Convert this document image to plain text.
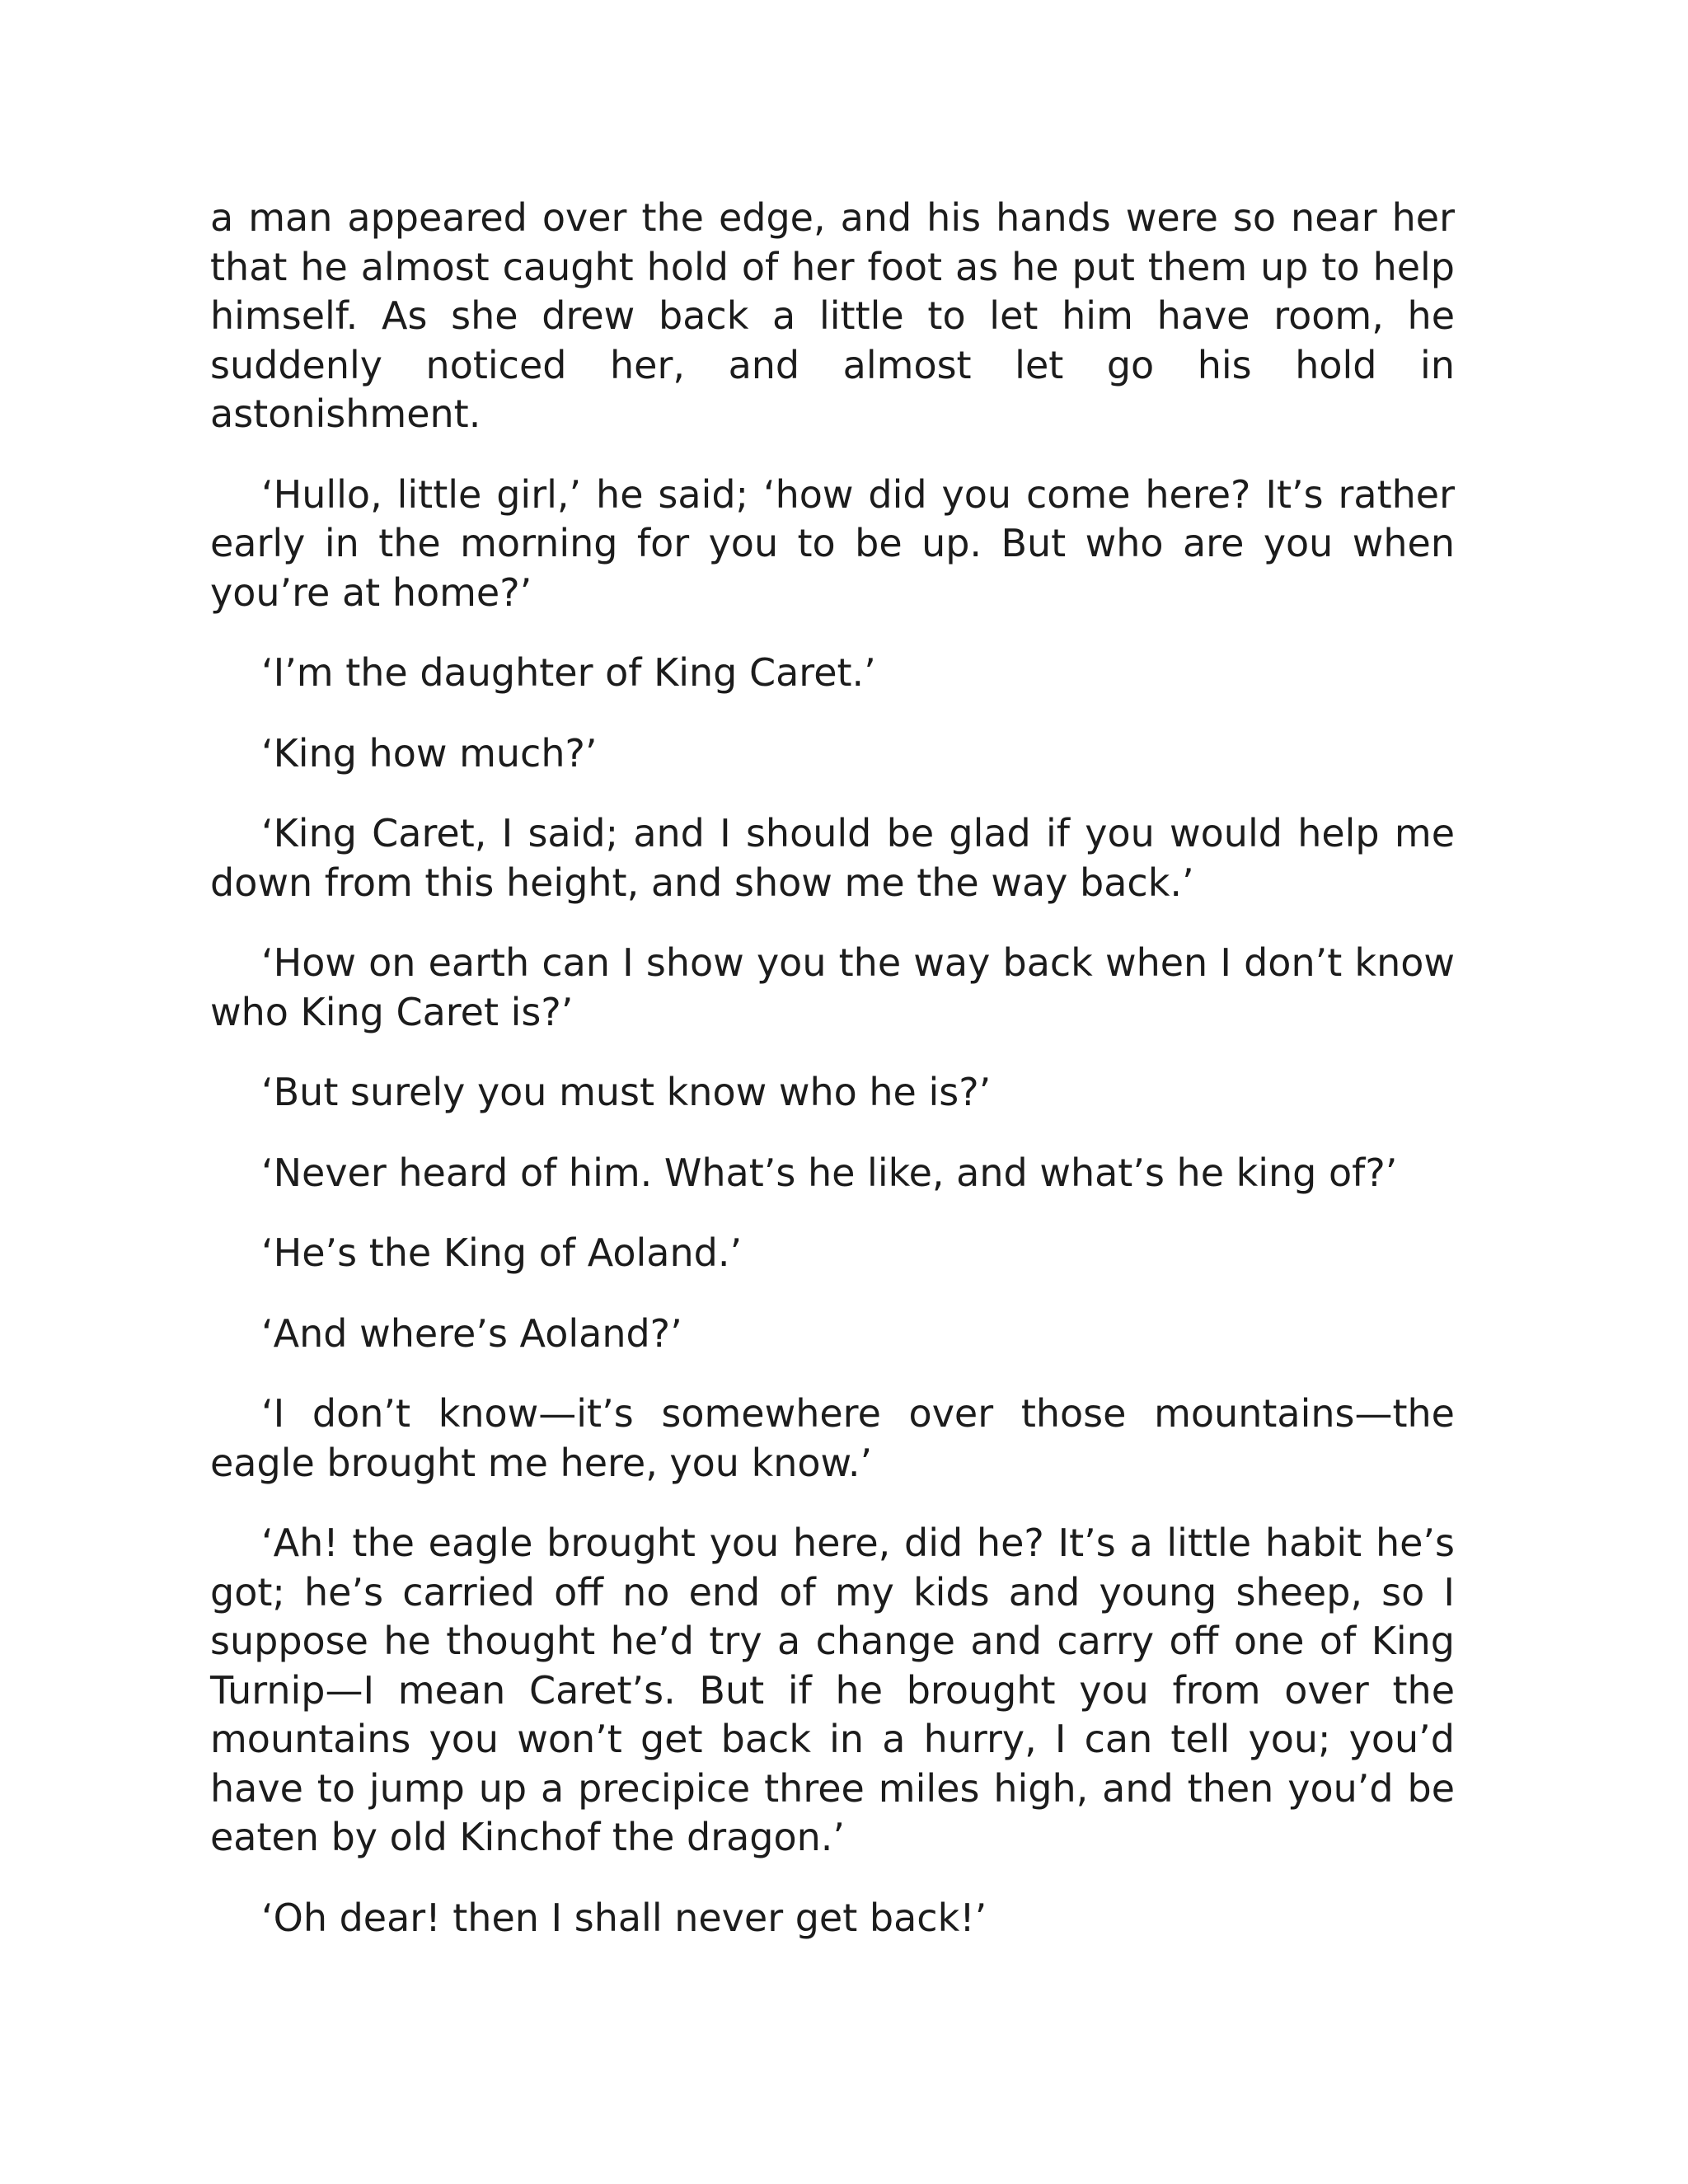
a man appeared over the edge, and his hands were so near her that he almost caught hold of her foot as he put them up to help himself. As she drew back a little to let him have room, he suddenly noticed her, and almost let go his hold in astonishment.

‘Hullo, little girl,’ he said; ‘how did you come here? It’s rather early in the morning for you to be up. But who are you when you’re at home?’

‘I’m the daughter of King Caret.’

‘King how much?’

‘King Caret, I said; and I should be glad if you would help me down from this height, and show me the way back.’

‘How on earth can I show you the way back when I don’t know who King Caret is?’

‘But surely you must know who he is?’

‘Never heard of him. What’s he like, and what’s he king of?’

‘He’s the King of Aoland.’

‘And where’s Aoland?’

‘I don’t know—it’s somewhere over those mountains—the eagle brought me here, you know.’

‘Ah! the eagle brought you here, did he? It’s a little habit he’s got; he’s carried off no end of my kids and young sheep, so I suppose he thought he’d try a change and carry off one of King Turnip—I mean Caret’s. But if he brought you from over the mountains you won’t get back in a hurry, I can tell you; you’d have to jump up a precipice three miles high, and then you’d be eaten by old Kinchof the dragon.’

‘Oh dear! then I shall never get back!’
